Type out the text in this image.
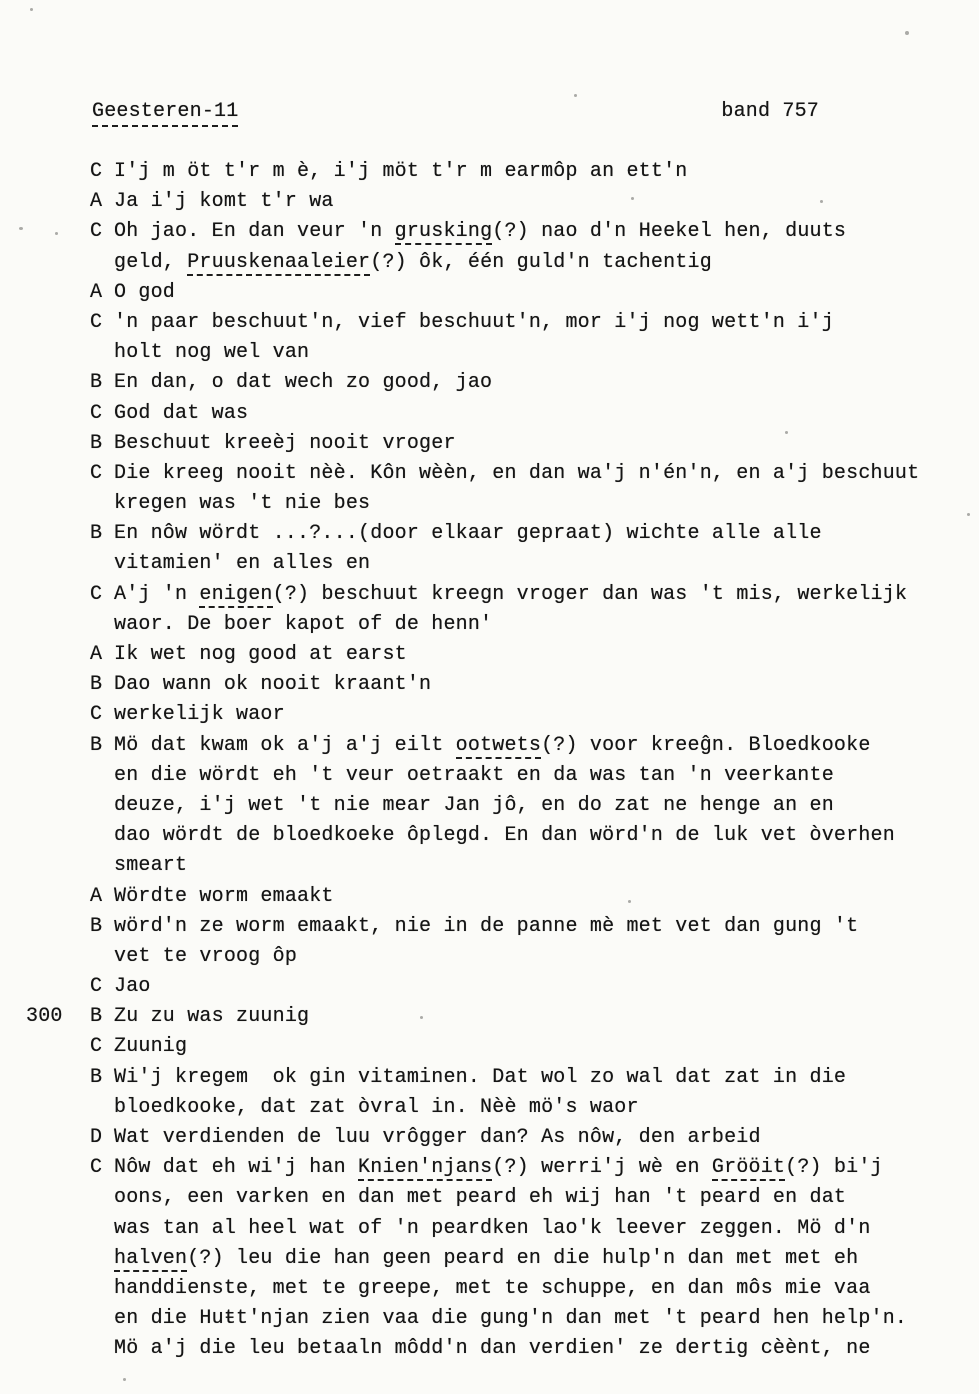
Geesteren-11	band 757
C I'j m öt t'r m è, i'j möt t'r m earmôp an ett'n
A Ja i'j komt t'r wa
C Oh jao. En dan veur 'n grusking(?) nao d'n Heekel hen, duuts
geld, Pruuskenaaleier(?) ôk, één guld'n tachentig
A O god
C 'n paar beschuut'n, vief beschuut'n, mor i'j nog wett'n i'j
holt nog wel van
B En dan, o dat wech zo good, jao
C God dat was
B Beschuut kreeèj nooit vroger
C Die kreeg nooit nèè. Kôn wèèn, en dan wa'j n'én'n, en a'j beschuut
kregen was 't nie bes
B En nôw wördt ...?...(door elkaar gepraat) wichte alle alle
vitamien' en alles en
C A'j 'n enigen(?) beschuut kreegn vroger dan was 't mis, werkelijk
waor. De boer kapot of de henn'
A Ik wet nog good at earst
B Dao wann ok nooit kraant'n
C werkelijk waor
B Mö dat kwam ok a'j a'j eilt ootwets(?) voor kreeĝn. Bloedkooke
en die wördt eh 't veur oetraakt en da was tan 'n veerkante
deuze, i'j wet 't nie mear Jan jô, en do zat ne henge an en
dao wördt de bloedkoeke ôplegd. En dan wörd'n de luk vet òverhen
smeart
A Wördte worm emaakt
B wörd'n ze worm emaakt, nie in de panne mè met vet dan gung 't
vet te vroog ôp
C Jao
300 B Zu zu was zuunig
C Zuunig
B Wi'j kregem  ok gin vitaminen. Dat wol zo wal dat zat in die
bloedkooke, dat zat òvral in. Nèè mö's waor
D Wat verdienden de luu vrôgger dan? As nôw, den arbeid
C Nôw dat eh wi'j han Knien'njans(?) werri'j wè en Grööit(?) bi'j
oons, een varken en dan met peard eh wij han 't peard en dat
was tan al heel wat of 'n peardken lao'k leever zeggen. Mö d'n
halven(?) leu die han geen peard en die hulp'n dan met met eh
handdienste, met te greepe, met te schuppe, en dan môs mie vaa
en die Huŧt'njan zien vaa die gung'n dan met 't peard hen help'n.
Mö a'j die leu betaaln môdd'n dan verdien' ze dertig cèènt, ne
